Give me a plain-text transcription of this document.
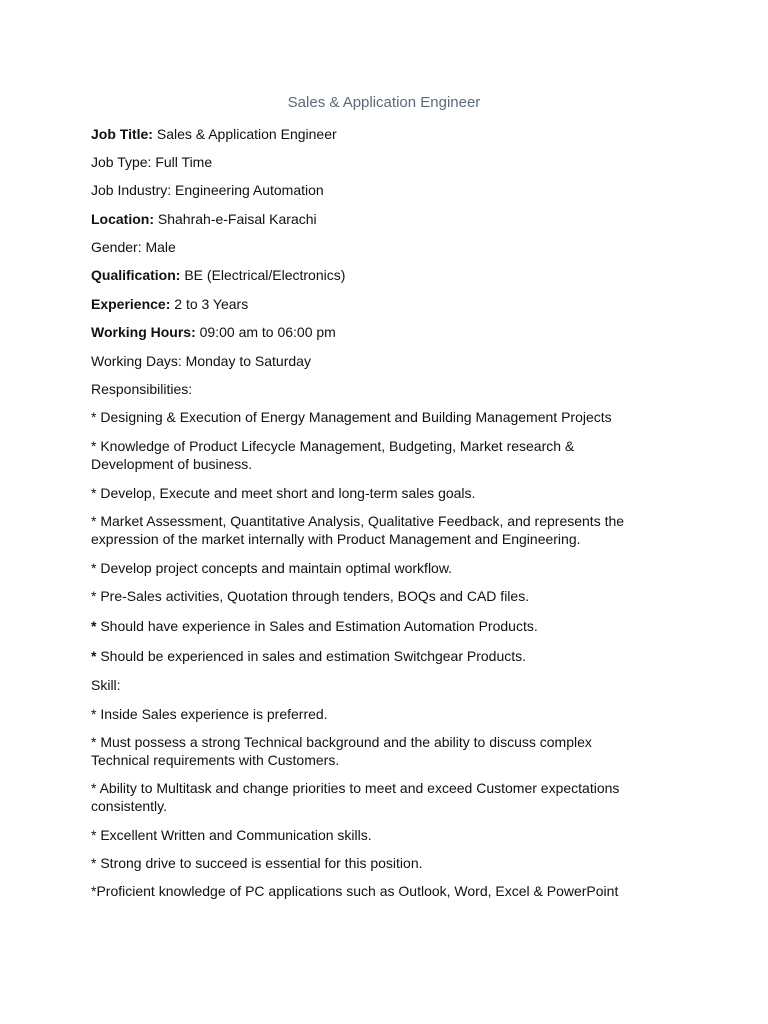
Sales & Application Engineer

Job Title: Sales & Application Engineer

Job Type: Full Time

Job Industry: Engineering Automation

Location: Shahrah-e-Faisal Karachi

Gender: Male

Qualification: BE (Electrical/Electronics)

Experience: 2 to 3 Years

Working Hours: 09:00 am to 06:00 pm

Working Days: Monday to Saturday

Responsibilities:

* Designing & Execution of Energy Management and Building Management Projects

* Knowledge of Product Lifecycle Management, Budgeting, Market research & Development of business.

* Develop, Execute and meet short and long-term sales goals.

* Market Assessment, Quantitative Analysis, Qualitative Feedback, and represents the expression of the market internally with Product Management and Engineering.

* Develop project concepts and maintain optimal workflow.

* Pre-Sales activities, Quotation through tenders, BOQs and CAD files.

* Should have experience in Sales and Estimation Automation Products.

* Should be experienced in sales and estimation Switchgear Products.

Skill:

* Inside Sales experience is preferred.

* Must possess a strong Technical background and the ability to discuss complex Technical requirements with Customers.

* Ability to Multitask and change priorities to meet and exceed Customer expectations consistently.

* Excellent Written and Communication skills.

* Strong drive to succeed is essential for this position.

*Proficient knowledge of PC applications such as Outlook, Word, Excel & PowerPoint
